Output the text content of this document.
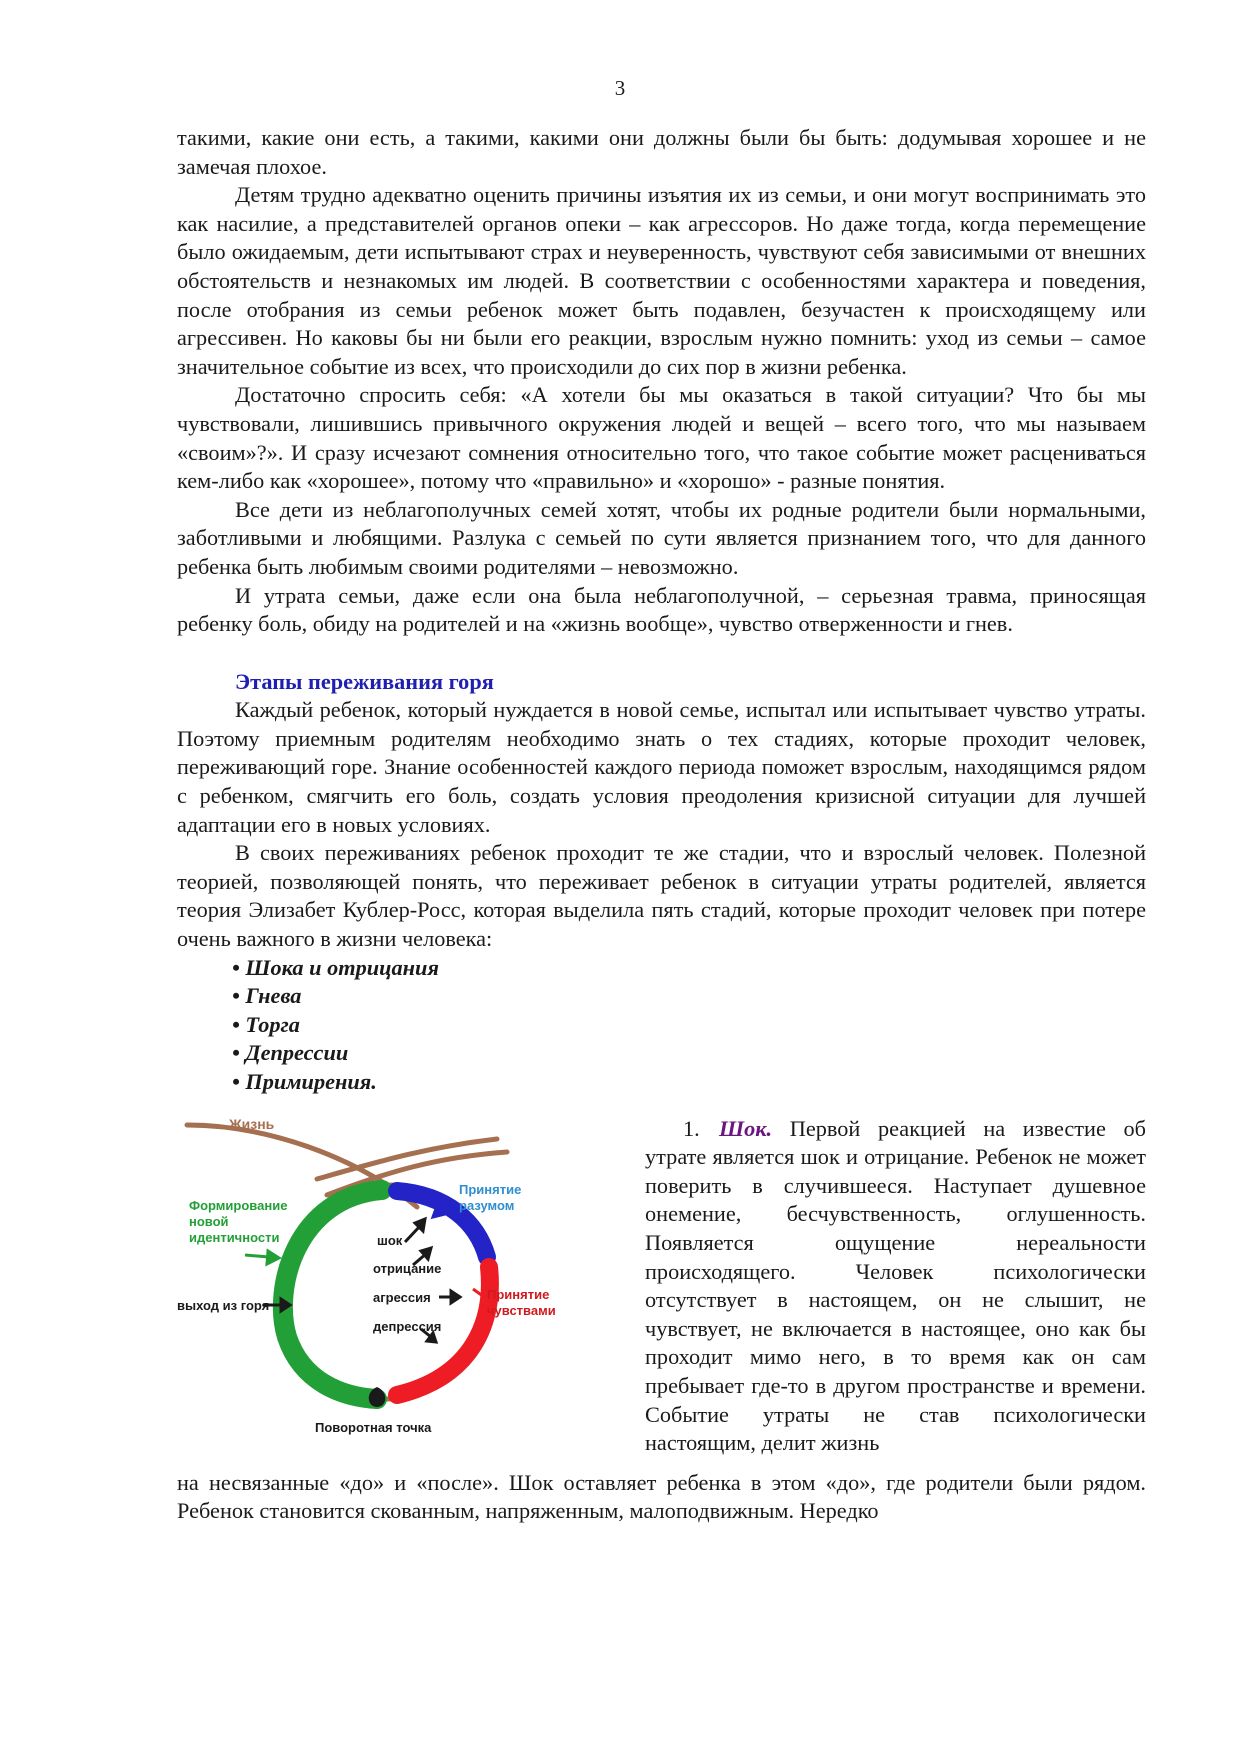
3

такими, какие они есть, а такими, какими они должны были бы быть: додумывая хорошее и не замечая плохое.

Детям трудно адекватно оценить причины изъятия их из семьи, и они могут воспринимать это как насилие, а представителей органов опеки – как агрессоров. Но даже тогда, когда перемещение было ожидаемым, дети испытывают страх и неуверенность, чувствуют себя зависимыми от внешних обстоятельств и незнакомых им людей. В соответствии с особенностями характера и поведения, после отобрания из семьи ребенок может быть подавлен, безучастен к происходящему или агрессивен. Но каковы бы ни были его реакции, взрослым нужно помнить: уход из семьи – самое значительное событие из всех, что происходили до сих пор в жизни ребенка.

Достаточно спросить себя: «А хотели бы мы оказаться в такой ситуации? Что бы мы чувствовали, лишившись привычного окружения людей и вещей – всего того, что мы называем «своим»?». И сразу исчезают сомнения относительно того, что такое событие может расцениваться кем-либо как «хорошее», потому что «правильно» и «хорошо» - разные понятия.

Все дети из неблагополучных семей хотят, чтобы их родные родители были нормальными, заботливыми и любящими. Разлука с семьей по сути является признанием того, что для данного ребенка быть любимым своими родителями – невозможно.

И утрата семьи, даже если она была неблагополучной, – серьезная травма, приносящая ребенку боль, обиду на родителей и на «жизнь вообще», чувство отверженности и гнев.

Этапы переживания горя

Каждый ребенок, который нуждается в новой семье, испытал или испытывает чувство утраты. Поэтому приемным родителям необходимо знать о тех стадиях, которые проходит человек, переживающий горе. Знание особенностей каждого периода поможет взрослым, находящимся рядом с ребенком, смягчить его боль, создать условия преодоления кризисной ситуации для лучшей адаптации его в новых условиях.

В своих переживаниях ребенок проходит те же стадии, что и взрослый человек. Полезной теорией, позволяющей понять, что переживает ребенок в ситуации утраты родителей, является теория Элизабет Кублер-Росс, которая выделила пять стадий, которые проходит человек при потере очень важного в жизни человека:

• Шока и отрицания
• Гнева
• Торга
• Депрессии
• Примирения.
Жизнь
Формирование
новой
идентичности
выход из горя
Принятие
разумом
Принятие
чувствами
шок
отрицание
агрессия
депрессия
Поворотная точка

1. Шок. Первой реакцией на известие об утрате является шок и отрицание. Ребенок не может поверить в случившееся. Наступает душевное онемение, бесчувственность, оглушенность. Появляется ощущение нереальности происходящего. Человек психологически отсутствует в настоящем, он не слышит, не чувствует, не включается в настоящее, оно как бы проходит мимо него, в то время как он сам пребывает где-то в другом пространстве и времени. Событие утраты не став психологически настоящим, делит жизнь

на несвязанные «до» и «после». Шок оставляет ребенка в этом «до», где родители были рядом. Ребенок становится скованным, напряженным, малоподвижным. Нередко
